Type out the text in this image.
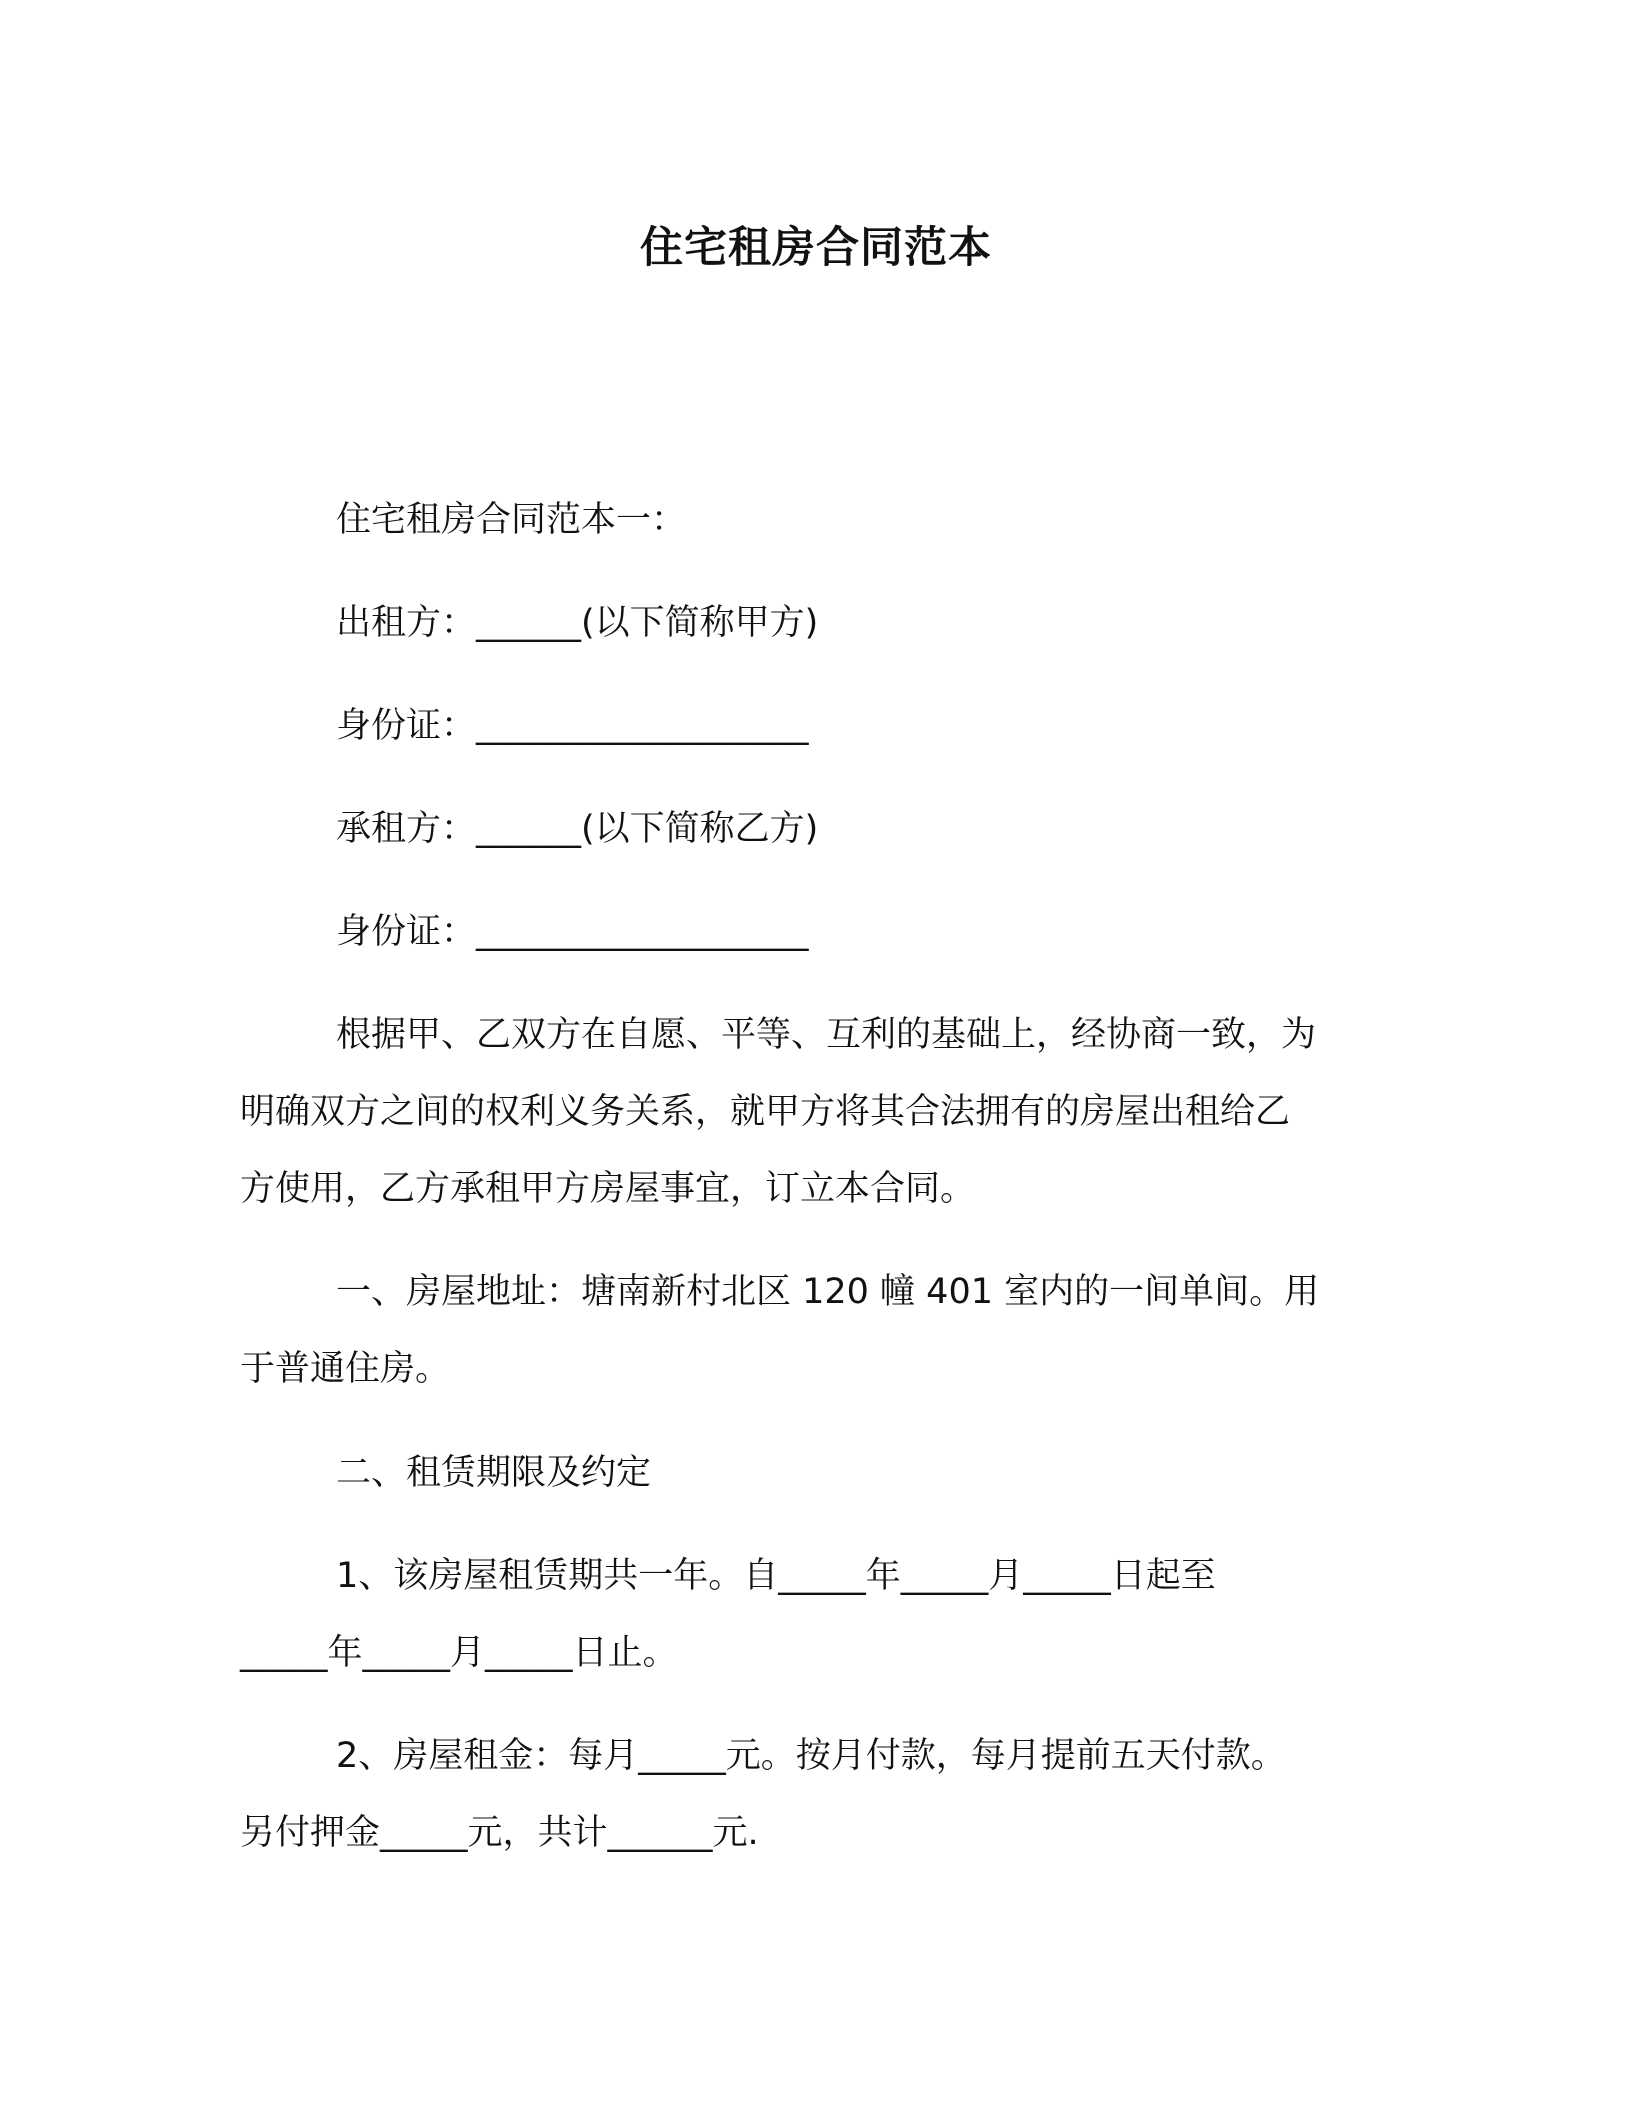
住宅租房合同范本
住宅租房合同范本一：
出租方：______(以下简称甲方)
身份证：___________________
承租方：______(以下简称乙方)
身份证：___________________
根据甲、乙双方在自愿、平等、互利的基础上，经协商一致，为
明确双方之间的权利义务关系，就甲方将其合法拥有的房屋出租给乙
方使用，乙方承租甲方房屋事宜，订立本合同。
一、房屋地址：塘南新村北区 120 幢 401 室内的一间单间。用
于普通住房。
二、租赁期限及约定
1、该房屋租赁期共一年。自_____年_____月_____日起至
_____年_____月_____日止。
2、房屋租金：每月_____元。按月付款，每月提前五天付款。
另付押金_____元，共计______元.
